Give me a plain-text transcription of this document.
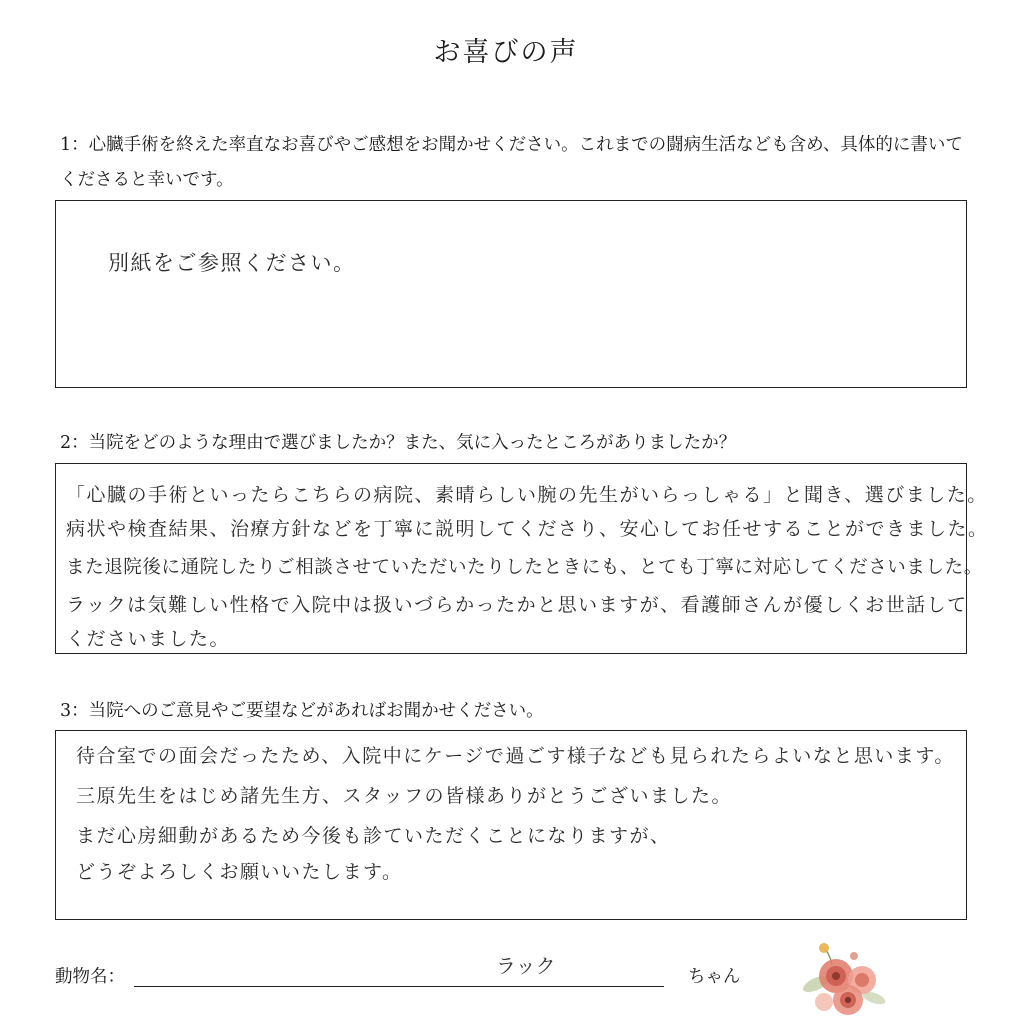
お喜びの声
1：心臓手術を終えた率直なお喜びやご感想をお聞かせください。これまでの闘病生活なども含め、具体的に書いてくださると幸いです。
別紙をご参照ください。
2：当院をどのような理由で選びましたか？また、気に入ったところがありましたか？
「心臓の手術といったらこちらの病院、素晴らしい腕の先生がいらっしゃる」と聞き、選びました。
病状や検査結果、治療方針などを丁寧に説明してくださり、安心してお任せすることができました。
また退院後に通院したりご相談させていただいたりしたときにも、とても丁寧に対応してくださいました。
ラックは気難しい性格で入院中は扱いづらかったかと思いますが、看護師さんが優しくお世話して
くださいました。
3：当院へのご意見やご要望などがあればお聞かせください。
待合室での面会だったため、入院中にケージで過ごす様子なども見られたらよいなと思います。
三原先生をはじめ諸先生方、スタッフの皆様ありがとうございました。
まだ心房細動があるため今後も診ていただくことになりますが、
どうぞよろしくお願いいたします。
動物名：	ラック	ちゃん
